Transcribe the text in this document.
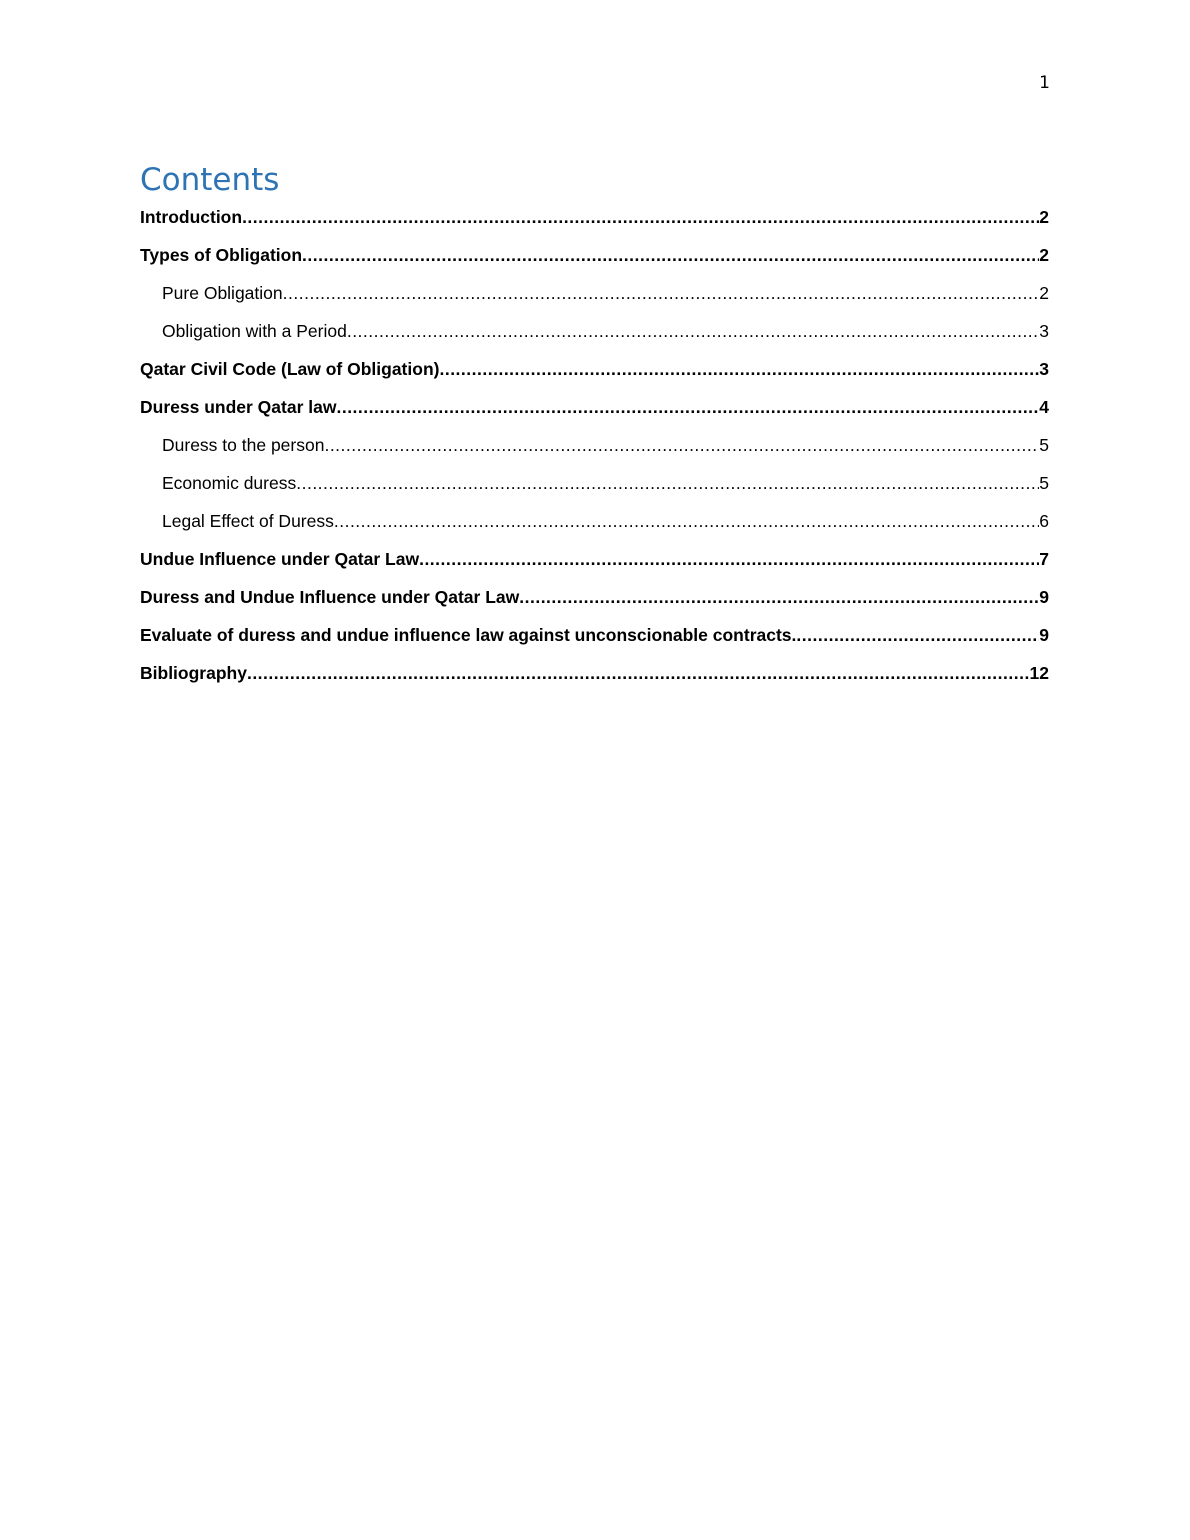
1
Contents
Introduction .....	2
Types of Obligation .....	2
Pure Obligation .....	2
Obligation with a Period .....	3
Qatar Civil Code (Law of Obligation) .....	3
Duress under Qatar law .....	4
Duress to the person .....	5
Economic duress .....	5
Legal Effect of Duress .....	6
Undue Influence under Qatar Law .....	7
Duress and Undue Influence under Qatar Law .....	9
Evaluate of duress and undue influence law against unconscionable contracts. .....	9
Bibliography .....	12
